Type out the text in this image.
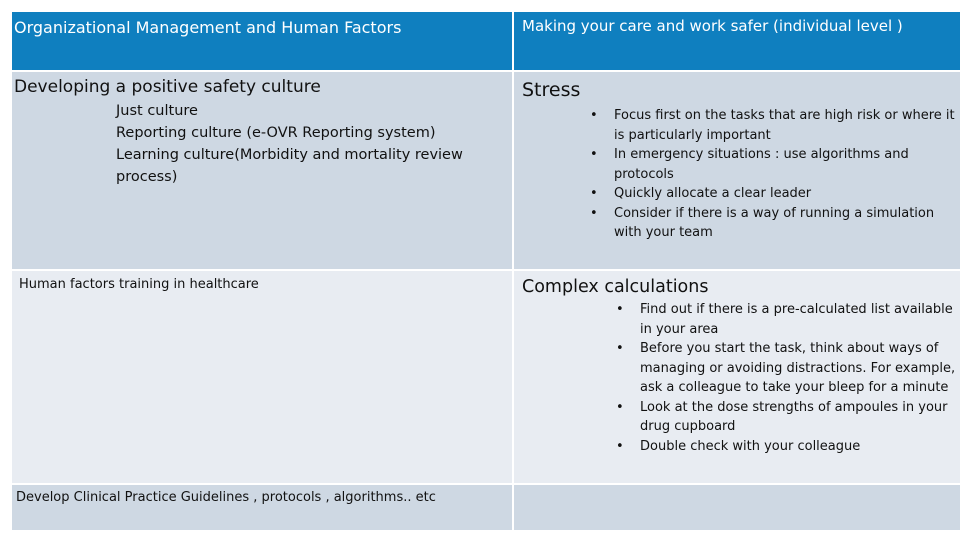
Organizational Management and Human Factors	Making your care and work safer (individual level )
Developing a positive safety culture
Just culture
Reporting culture (e-OVR Reporting system)
Learning culture(Morbidity and mortality review process)
Stress
• Focus first on the tasks that are high risk or where it is particularly important
• In emergency situations : use algorithms and protocols
• Quickly allocate a clear leader
• Consider if there is a way of running a simulation with your team
Human factors training in healthcare	Complex calculations
• Find out if there is a pre-calculated list available in your area
• Before you start the task, think about ways of managing or avoiding distractions. For example, ask a colleague to take your bleep for a minute
• Look at the dose strengths of ampoules in your drug cupboard
• Double check with your colleague
Develop Clinical Practice Guidelines , protocols , algorithms.. etc
